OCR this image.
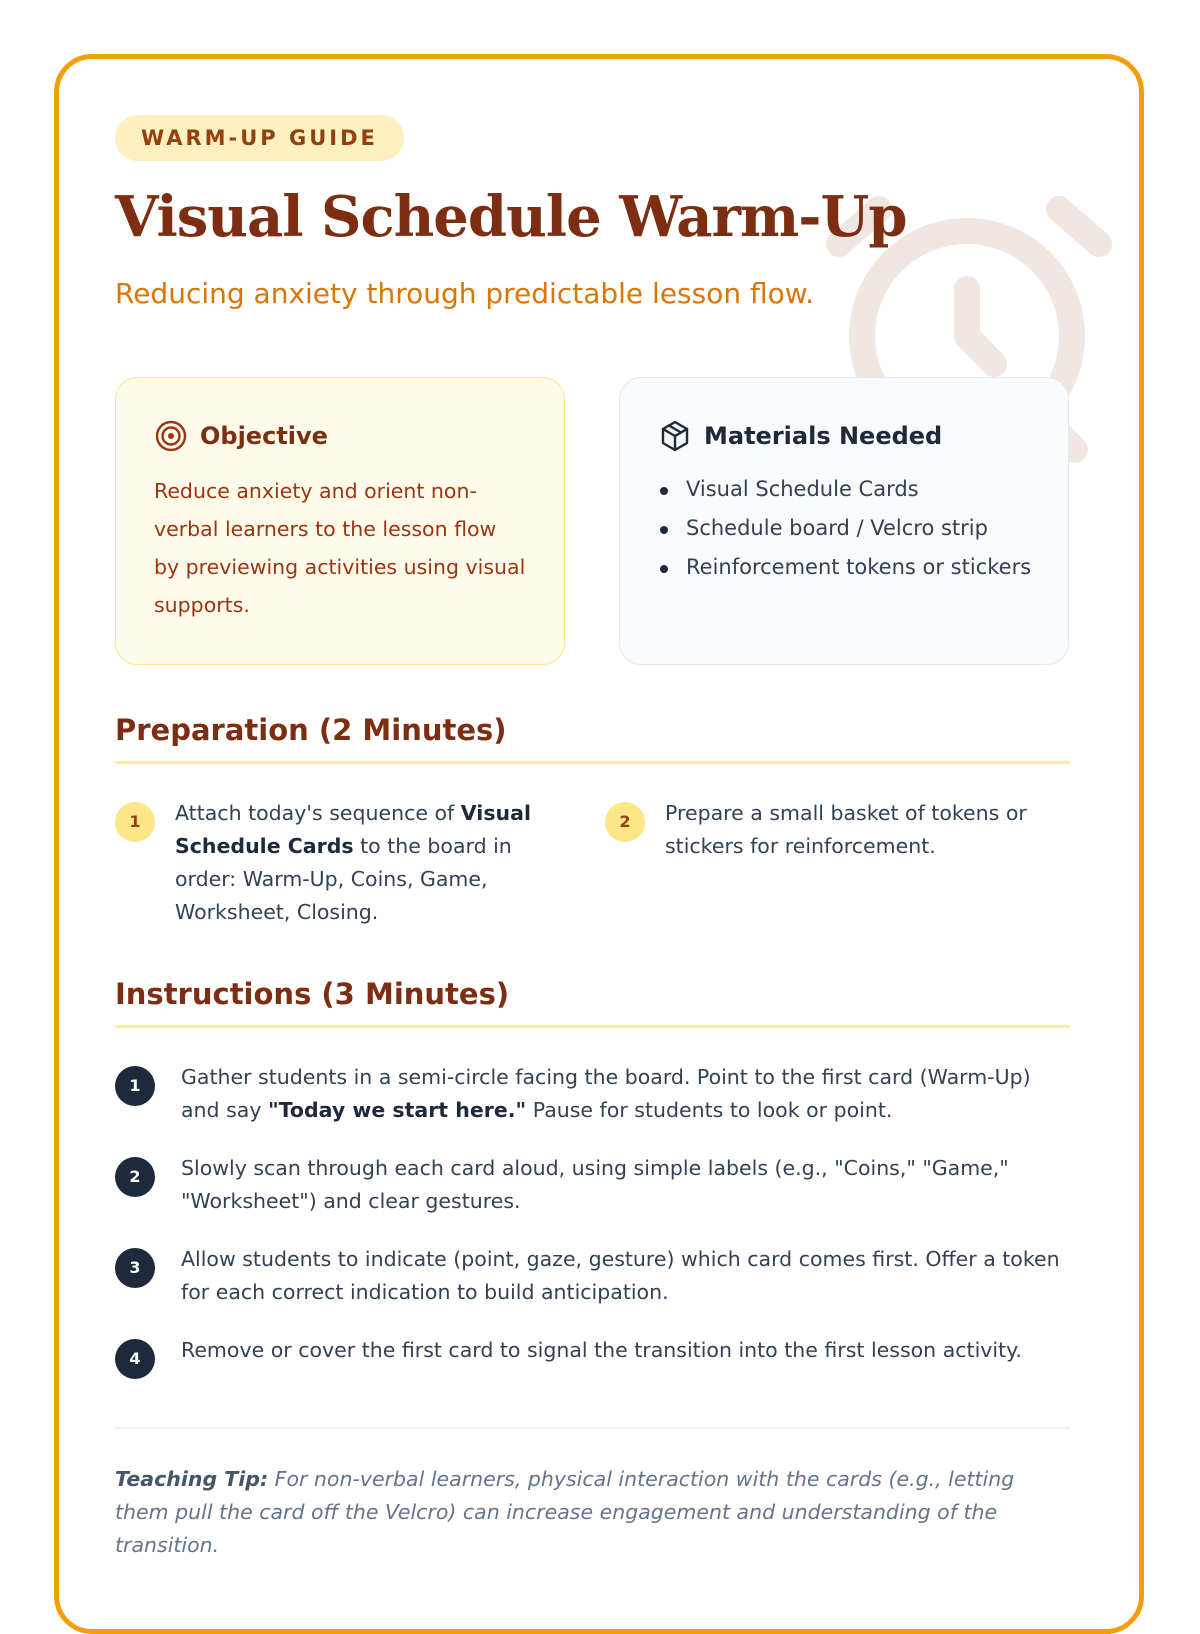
WARM-UP GUIDE
Visual Schedule Warm-Up

Reducing anxiety through predictable lesson flow.

Objective
Reduce anxiety and orient non-verbal learners to the lesson flow by previewing activities using visual supports.
Materials Needed
Visual Schedule Cards
Schedule board / Velcro strip
Reinforcement tokens or stickers
Preparation (2 Minutes)
1	Attach today's sequence of Visual Schedule Cards to the board in order: Warm-Up, Coins, Game, Worksheet, Closing.
2	Prepare a small basket of tokens or stickers for reinforcement.
Instructions (3 Minutes)
1	Gather students in a semi-circle facing the board. Point to the first card (Warm-Up) and say "Today we start here." Pause for students to look or point.
2	Slowly scan through each card aloud, using simple labels (e.g., "Coins," "Game," "Worksheet") and clear gestures.
3	Allow students to indicate (point, gaze, gesture) which card comes first. Offer a token for each correct indication to build anticipation.
4	Remove or cover the first card to signal the transition into the first lesson activity.

Teaching Tip: For non-verbal learners, physical interaction with the cards (e.g., letting them pull the card off the Velcro) can increase engagement and understanding of the transition.
